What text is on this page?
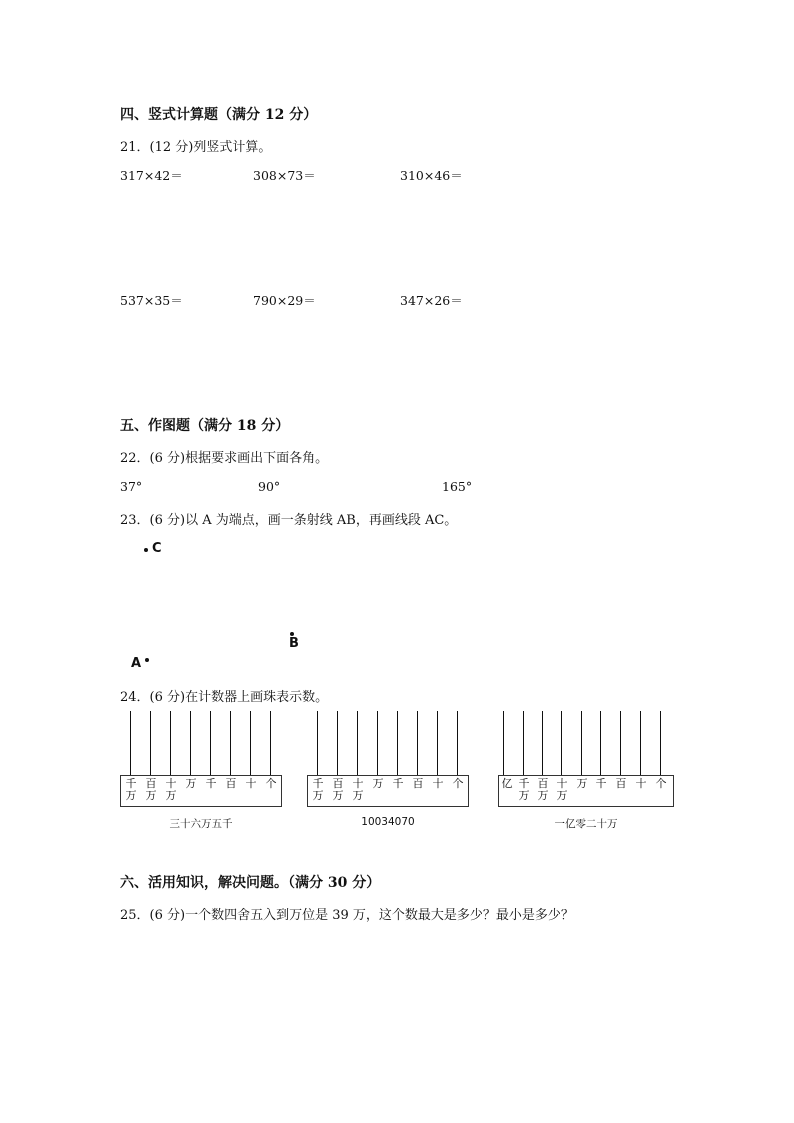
四、竖式计算题（满分 12 分）
21．(12 分)列竖式计算。
317×42＝	308×73＝	310×46＝
537×35＝	790×29＝	347×26＝
五、作图题（满分 18 分）
22．(6 分)根据要求画出下面各角。
37°	90°	165°
23．(6 分)以 A 为端点，画一条射线 AB，再画线段 AC。
C
B
A
24．(6 分)在计数器上画珠表示数。
千万
百万
十万
万 千 百 十 个
三十六万五千
千万
百万
十万
万 千 百 十 个
10034070
亿 千万
百万
十万
万 千 百 十 个
一亿零二十万
六、活用知识，解决问题。（满分 30 分）
25．(6 分)一个数四舍五入到万位是 39 万，这个数最大是多少？最小是多少？
